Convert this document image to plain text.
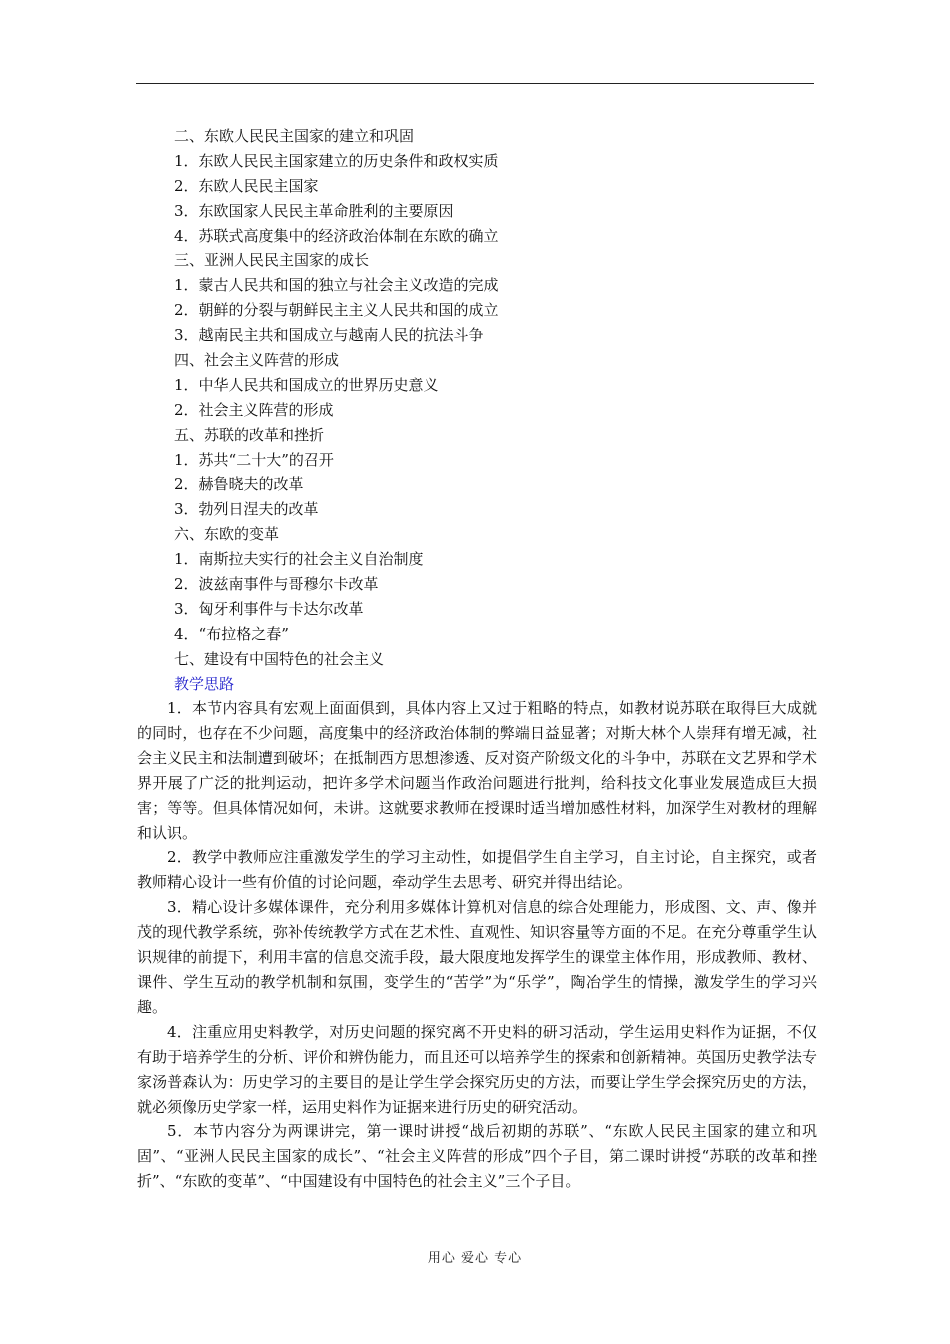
二、东欧人民民主国家的建立和巩固
1．东欧人民民主国家建立的历史条件和政权实质
2．东欧人民民主国家
3．东欧国家人民民主革命胜利的主要原因
4．苏联式高度集中的经济政治体制在东欧的确立
三、亚洲人民民主国家的成长
1．蒙古人民共和国的独立与社会主义改造的完成
2．朝鲜的分裂与朝鲜民主主义人民共和国的成立
3．越南民主共和国成立与越南人民的抗法斗争
四、社会主义阵营的形成
1．中华人民共和国成立的世界历史意义
2．社会主义阵营的形成
五、苏联的改革和挫折
1．苏共“二十大”的召开
2．赫鲁晓夫的改革
3．勃列日涅夫的改革
六、东欧的变革
1．南斯拉夫实行的社会主义自治制度
2．波兹南事件与哥穆尔卡改革
3．匈牙利事件与卡达尔改革
4．“布拉格之春”
七、建设有中国特色的社会主义
教学思路

1．本节内容具有宏观上面面俱到，具体内容上又过于粗略的特点，如教材说苏联在取得巨大成就的同时，也存在不少问题，高度集中的经济政治体制的弊端日益显著；对斯大林个人崇拜有增无减，社会主义民主和法制遭到破坏；在抵制西方思想渗透、反对资产阶级文化的斗争中，苏联在文艺界和学术界开展了广泛的批判运动，把许多学术问题当作政治问题进行批判，给科技文化事业发展造成巨大损害；等等。但具体情况如何，未讲。这就要求教师在授课时适当增加感性材料，加深学生对教材的理解和认识。

2．教学中教师应注重激发学生的学习主动性，如提倡学生自主学习，自主讨论，自主探究，或者教师精心设计一些有价值的讨论问题，牵动学生去思考、研究并得出结论。

3．精心设计多媒体课件，充分利用多媒体计算机对信息的综合处理能力，形成图、文、声、像并茂的现代教学系统，弥补传统教学方式在艺术性、直观性、知识容量等方面的不足。在充分尊重学生认识规律的前提下，利用丰富的信息交流手段，最大限度地发挥学生的课堂主体作用，形成教师、教材、课件、学生互动的教学机制和氛围，变学生的“苦学”为“乐学”，陶冶学生的情操，激发学生的学习兴趣。

4．注重应用史料教学，对历史问题的探究离不开史料的研习活动，学生运用史料作为证据，不仅有助于培养学生的分析、评价和辨伪能力，而且还可以培养学生的探索和创新精神。英国历史教学法专家汤普森认为：历史学习的主要目的是让学生学会探究历史的方法，而要让学生学会探究历史的方法，就必须像历史学家一样，运用史料作为证据来进行历史的研究活动。

5．本节内容分为两课讲完，第一课时讲授“战后初期的苏联”、“东欧人民民主国家的建立和巩固”、“亚洲人民民主国家的成长”、“社会主义阵营的形成”四个子目，第二课时讲授“苏联的改革和挫折”、“东欧的变革”、“中国建设有中国特色的社会主义”三个子目。

用心 爱心 专心
